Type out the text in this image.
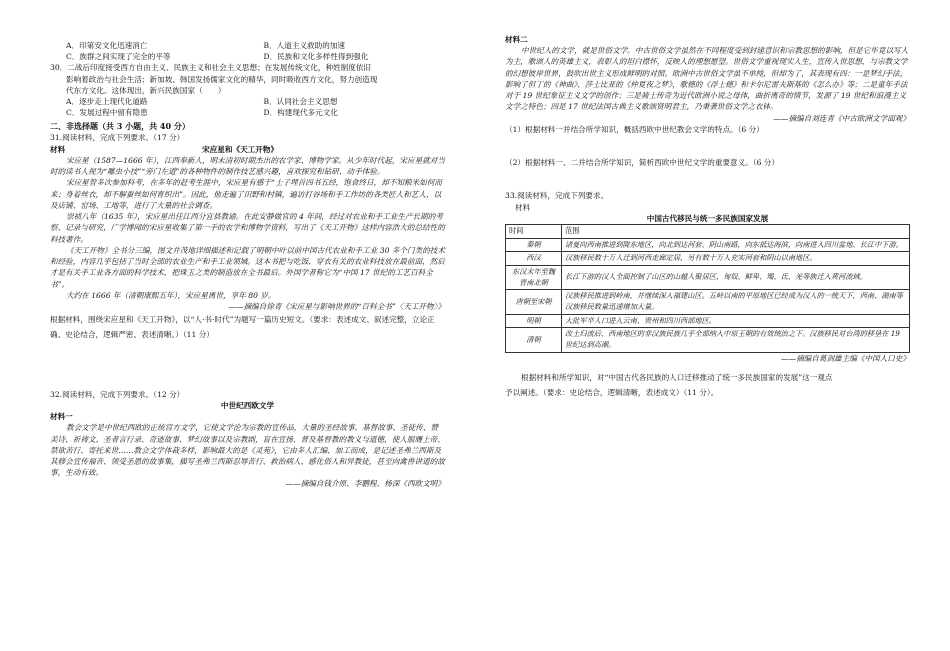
A．印第安文化迅速消亡	B．人道主义救助的加速
C．族群之间实现了完全的平等	D．民族和文化多样性得到强化

30．二战后印度接受西方自由主义、民族主义和社会主义思想；在发展传统文化，种姓制度依旧

影响着政治与社会生活；新加坡、韩国发扬儒家文化的精华，同时吸收西方文化，努力创造现

代东方文化。这体现出，新兴民族国家（　　）

A．逐步走上现代化道路	B．认同社会主义思想
C．发展过程中留有隐患	D．构建现代多元文化

二、非选择题（共 3 小题，共 40 分）

31.阅读材料，完成下列要求。（17 分）

材料	宋应星和《天工开物》

宋应星（1587—1666 年），江西奉新人，明末清初时期杰出的农学家、博物学家。从少年时代起，宋应星就对当时的读书人视为“雕虫小技”“旁门左道”的各种物件的制作技艺感兴趣，喜欢探究和钻研、动手体验。

宋应星曾多次参加科考，在多年的赶考生涯中，宋应星有感于“士子埋首四书五经，饱食终日，却不知粮米如何而来；身着丝衣，却不解蚕丝如何育织出”。因此，他走遍了田野和村镇，遍访打谷场和手工作坊的各类匠人和艺人，以及店铺、窑场、工地等，进行了大量的社会调查。

崇祯八年（1635 年），宋应星出任江西分宜县教谕。在此安静做官的 4 年间，经过对农业和手工业生产长期的考察、记录与研究，广学博闻的宋应星收集了第一手的农学和博物学资料，写出了《天工开物》这样内容浩大的总结性的科技著作。

《天工开物》全书分三编，图文并茂地详细描述和记载了明朝中叶以前中国古代农业和手工业 30 多个门类的技术和经验，内容几乎包括了当时全部的农业生产和手工业领域。这本书把与吃饭、穿衣有关的农业科技放在最前面，然后才是有关手工业各方面的科学技术，把珠玉之类的制造放在全书最后。外国学者称它为“中国 17 世纪的工艺百科全书”。

大约在 1666 年（清朝康熙五年），宋应星离世，享年 80 岁。

——摘编自徐青《宋应星与影响世界的“百科全书”〈天工开物〉》

根据材料，围绕宋应星和《天工开物》，以“人·书·时代”为题写一篇历史短文。（要求：表述成文、叙述完整，立论正确、史论结合，逻辑严密、表述清晰。）（11 分）

32.阅读材料，完成下列要求。（12 分）

中世纪西欧文学

材料一

教会文学是中世纪西欧的正统宫方文学，它使文学沦为宗教的宣传品，大量的圣经故事、基督故事、圣徒传、赞美诗、祈祷文、圣者言行录、奇迹故事、梦幻故事以及宗教剧，盲在宣扬、普及基督教的教义与道德，使人服膺上帝、禁欲苦行、寄托来世……教会文学体裁多样，影响最大的是《灵苑》，它由多人汇编、加工而成，是记述圣弗兰西斯及其修会宣传福音、领受圣恩的故事集，描写圣弗兰西斯忍辱苦行、救治病人、感化俗人和异教徒，甚至向禽兽讲道的故事，生动有致。

——摘编自钱介原、李鹏程、杨深《西欧文明》

材料二

中世纪人的文学，就是世俗文学。中古世俗文学虽然在不同程度受到封建意识和宗教思想的影响，但是它毕竟以写人为主，歌颂人的英雄主义，表彰人的坦白襟怀，反映人的理想愿望。世俗文学重视现实人生，宣传入世思想，与宗教文学的幻想彼岸世界，鼓吹出世主义形成鲜明的对照。欧洲中古世俗文学虽不单纯，但却为了，其表现有四：一是梦幻手法，影响了但丁的《神曲》、莎士比亚的《仲夏夜之梦》，歌德的《浮士德》和卡尔尼雷夫斯基的《怎么办》等；二是童年手法对于 19 世纪象征主义文学的创作；三是骑士传奇为近代欧洲小说之母体，曲折离奇的情节，发源了 19 世纪和浪漫主义文学之特色；四是 17 世纪法国古典主义歌颂贤明君主，乃秉袭世俗文学之衣钵。

——摘编自刘连青《中古欧洲文学面观》

（1）根据材料一并结合所学知识，概括西欧中世纪教会文学的特点。（6 分）

（2）根据材料一、二并结合所学知识，简析西欧中世纪文学的重要意义。（6 分）

33.阅读材料，完成下列要求。

材料

中国古代移民与统一多民族国家发展

时间	范围
秦朝	诸夏向西南推进到陇东地区，向北到达河套、阴山南路，向东抵达海滨，向南进入四川盆地、长江中下游。
西汉	汉族移民数十万人迁到河西走廊定居，另有数十万人充实河套和阴山以南地区。
东汉末年至魏晋南北朝	长江下游的汉人全面控制了山区的山越人聚居区，匈奴、鲜卑、羯、氐、羌等族迁入黄河流域。
唐朝至宋朝	汉族移民推进到岭南，并继续深入福建山区。五岭以南的平原地区已经成为汉人的一统天下，西南、湖南等汉族移民数量迅速增加大量。
明朝	大批军卒人口进入云南、贵州和四川西部地区。
清朝	改土归流后，西南地区的非汉族民族几乎全部纳入中原王朝的有效统治之下。汉族移民对台湾的移垦在 19 世纪达到高潮。

——摘编自葛剑雄主编《中国人口史》

根据材料和所学知识，对“中国古代各民族的人口迁移推动了统一多民族国家的发展”这一观点

予以阐述。（要求：史论结合，逻辑清晰，表述成文）（11 分）。
